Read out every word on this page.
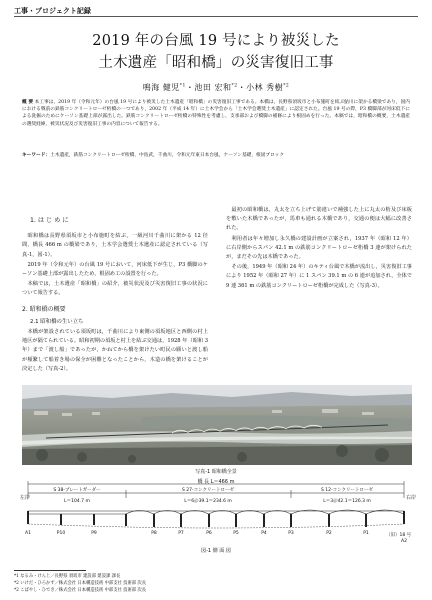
工事・プロジェクト記録
2019 年の台風 19 号により被災した
土木遺産「昭和橋」の災害復旧工事
鳴海 健児$^{*1}$・池田 宏和$^{*2}$・小林 秀樹$^{*2}$
概 要 本工事は，2019 年（令和元年）の台風 19 号により被災した土木遺産「昭和橋」の災害復旧工事である。本橋は，長野県須坂市と小布施町を結ぶ鮎川に架かる橋梁であり，国内における戦前の鉄筋コンクリートローゼ桁橋の一つであり，2002 年（平成 14 年）に土木学会から「土木学会選奨土木遺産」に認定された。台風 19 号の際，P3 橋脚部が河床低下による洗掘のためにケーソン基礎上部が露出した。鉄筋コンクリートローゼ桁橋の特殊性を考慮し，支承部および橋脚の補修により根固めを行った。本稿では，昭和橋の概要，土木遺産の選奨経緯，被災状況及び災害復旧工事の内容について報告する。
キーワード：土木遺産，鉄筋コンクリートローゼ桁橋，中島武，千曲川，令和元年東日本台風，ケーソン基礎，根固ブロック
1. は じ め に

昭和橋は長野県須坂市と小布施町を結ぶ，一級河川千曲川に架かる 12 径間，橋長 466 m の橋梁であり，土木学会選奨土木遺産に認定されている（写真-1，図-1）。

2019 年（令和元年）の台風 19 号において，河床低下が生じ，P3 橋脚のケーソン基礎上部が露出したため，根固め工の設置を行った。

本稿では，土木遺産「昭和橋」の紹介，被災状況及び災害復旧工事の状況について報告する。

2. 昭和橋の概要
2.1 昭和橋の生い立ち

本橋が架設されている須坂町は，千曲川により東側の須坂地区と西側の村上地区が隔てられている。昭和初期の須坂と村上を結ぶ交通は，1928 年（昭和 3 年）まで「渡し船」であったが，かねてから橋を架けたい町民の願いと渡し船が頻繁して船着き場の保全が困難となったことから，木造の橋を架けることが決定した（写真-2）。

最初の昭和橋は，丸太を立ち上げて筋違いで補強した上に丸太の桁及び床板を敷いた木橋であったが，馬車も通れる木橋であり，交通の便は大幅に改善された。

利用者は年々増加し永久橋の建設計画が立案され，1937 年（昭和 12 年）に右岸側からスパン 42.1 m の鉄筋コンクリートローゼ桁橋 3 連が架けられたが，まだその先は木橋であった。

その後，1949 年（昭和 24 年）のキティ台風で木橋が流出し，災害復旧工事により 1952 年（昭和 27 年）に 1 スパン 39.1 m の 6 連が追加され，全体で 9 連 361 m の鉄筋コンクリートローゼ桁橋が完成した（写真-3）。

写真-1 昭和橋全景
橋 長 L＝466 m
左岸	右岸
S 38-プレートガーダー	S 27-コンクリートローゼ	S 12-コンクリートローゼ
L＝104.7 m	L＝6＠39.1＝234.6 m	L＝3＠42.1＝126.3 m
（旧）18 号
A1	P10	P9	P8	P7	P6	P5	P4	P3	P2	P1
A2
図-1 側 面 図
*1 なるみ・けんじ／長野県 須坂市 建設部 建設課 課長
*2 いけだ・ひろかず／株式会社 日本構造技術 中部支社 技術部 次長
*2 こばやし・ひでき／株式会社 日本構造技術 中部支社 技術部 次長
